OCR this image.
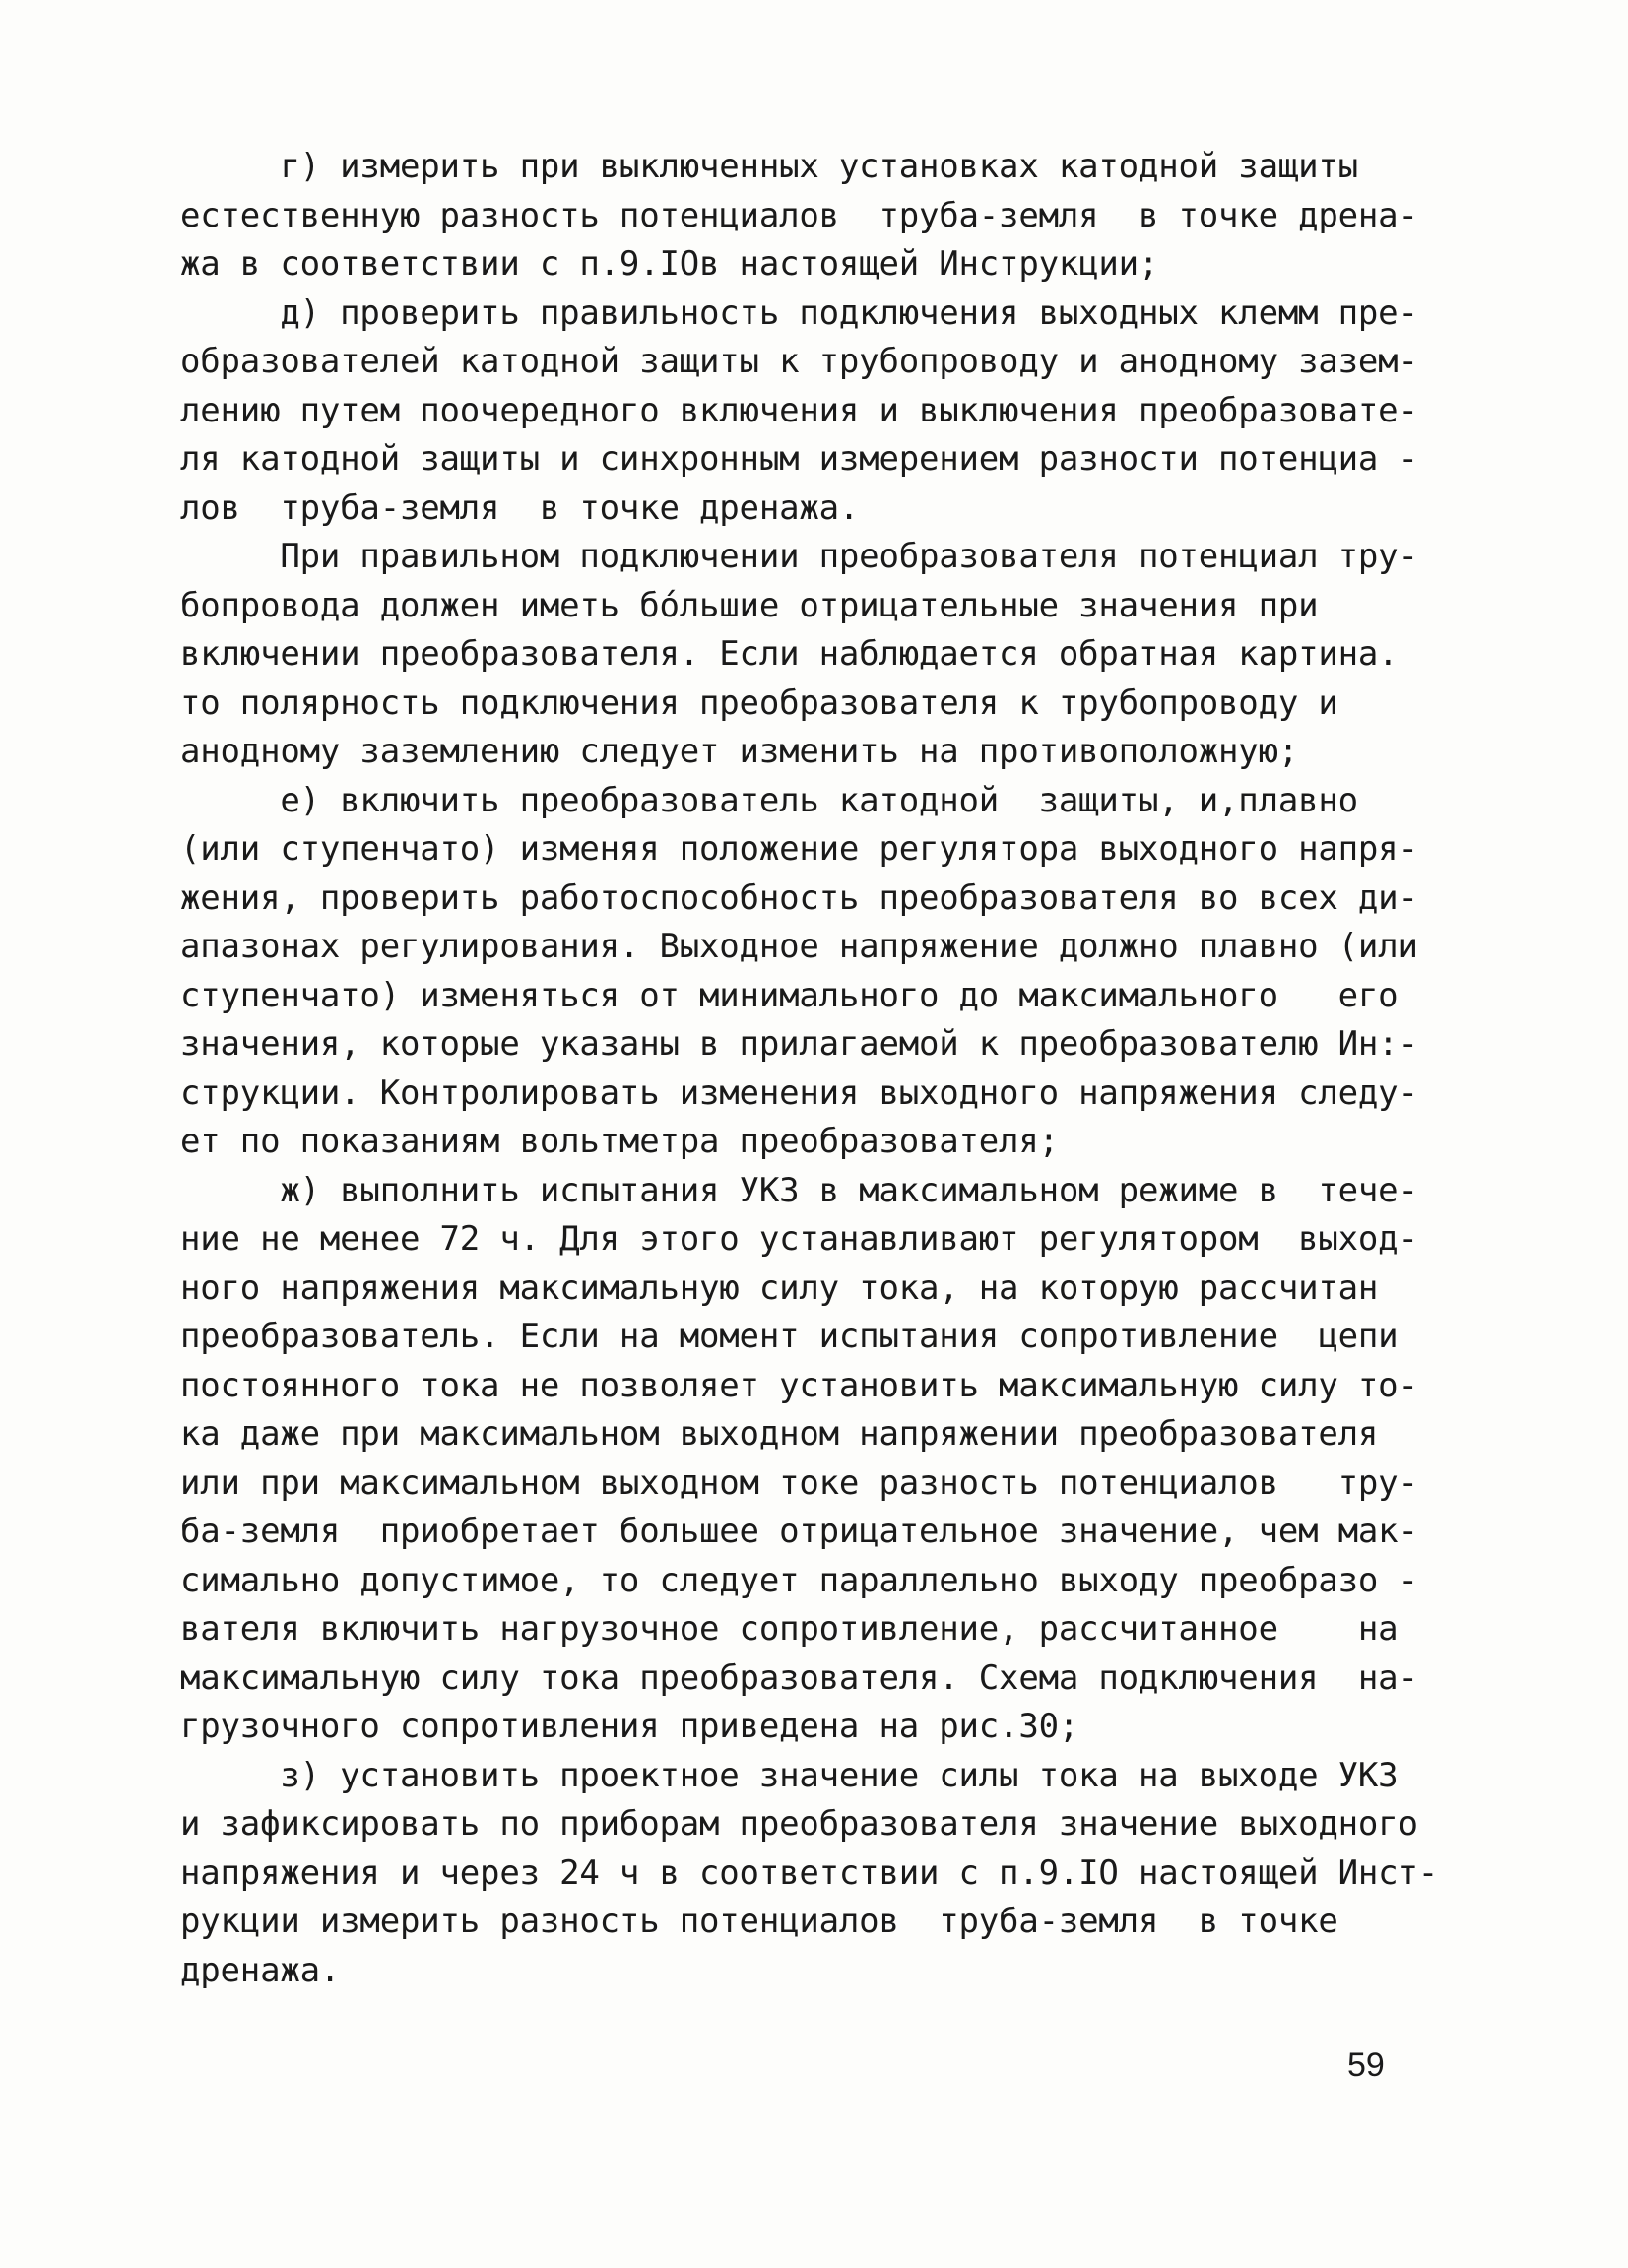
г) измерить при выключенных установках катодной защиты
естественную разность потенциалов  труба-земля  в точке дрена-
жа в соответствии с п.9.IОв настоящей Инструкции;
д) проверить правильность подключения выходных клемм пре-
образователей катодной защиты к трубопроводу и анодному зазем-
лению путем поочередного включения и выключения преобразовате-
ля катодной защиты и синхронным измерением разности потенциа -
лов  труба-земля  в точке дренажа.
При правильном подключении преобразователя потенциал тру-
бопровода должен иметь бо́льшие отрицательные значения при
включении преобразователя. Если наблюдается обратная картина.
то полярность подключения преобразователя к трубопроводу и
анодному заземлению следует изменить на противоположную;
е) включить преобразователь катодной  защиты, и,плавно
(или ступенчато) изменяя положение регулятора выходного напря-
жения, проверить работоспособность преобразователя во всех ди-
апазонах регулирования. Выходное напряжение должно плавно (или
ступенчато) изменяться от минимального до максимального   его
значения, которые указаны в прилагаемой к преобразователю Ин:-
струкции. Контролировать изменения выходного напряжения следу-
ет по показаниям вольтметра преобразователя;
ж) выполнить испытания УКЗ в максимальном режиме в  тече-
ние не менее 72 ч. Для этого устанавливают регулятором  выход-
ного напряжения максимальную силу тока, на которую рассчитан
преобразователь. Если на момент испытания сопротивление  цепи
постоянного тока не позволяет установить максимальную силу то-
ка даже при максимальном выходном напряжении преобразователя
или при максимальном выходном токе разность потенциалов   тру-
ба-земля  приобретает большее отрицательное значение, чем мак-
симально допустимое, то следует параллельно выходу преобразо -
вателя включить нагрузочное сопротивление, рассчитанное    на
максимальную силу тока преобразователя. Схема подключения  на-
грузочного сопротивления приведена на рис.30;
з) установить проектное значение силы тока на выходе УКЗ
и зафиксировать по приборам преобразователя значение выходного
напряжения и через 24 ч в соответствии с п.9.IО настоящей Инст-
рукции измерить разность потенциалов  труба-земля  в точке
дренажа.
59
